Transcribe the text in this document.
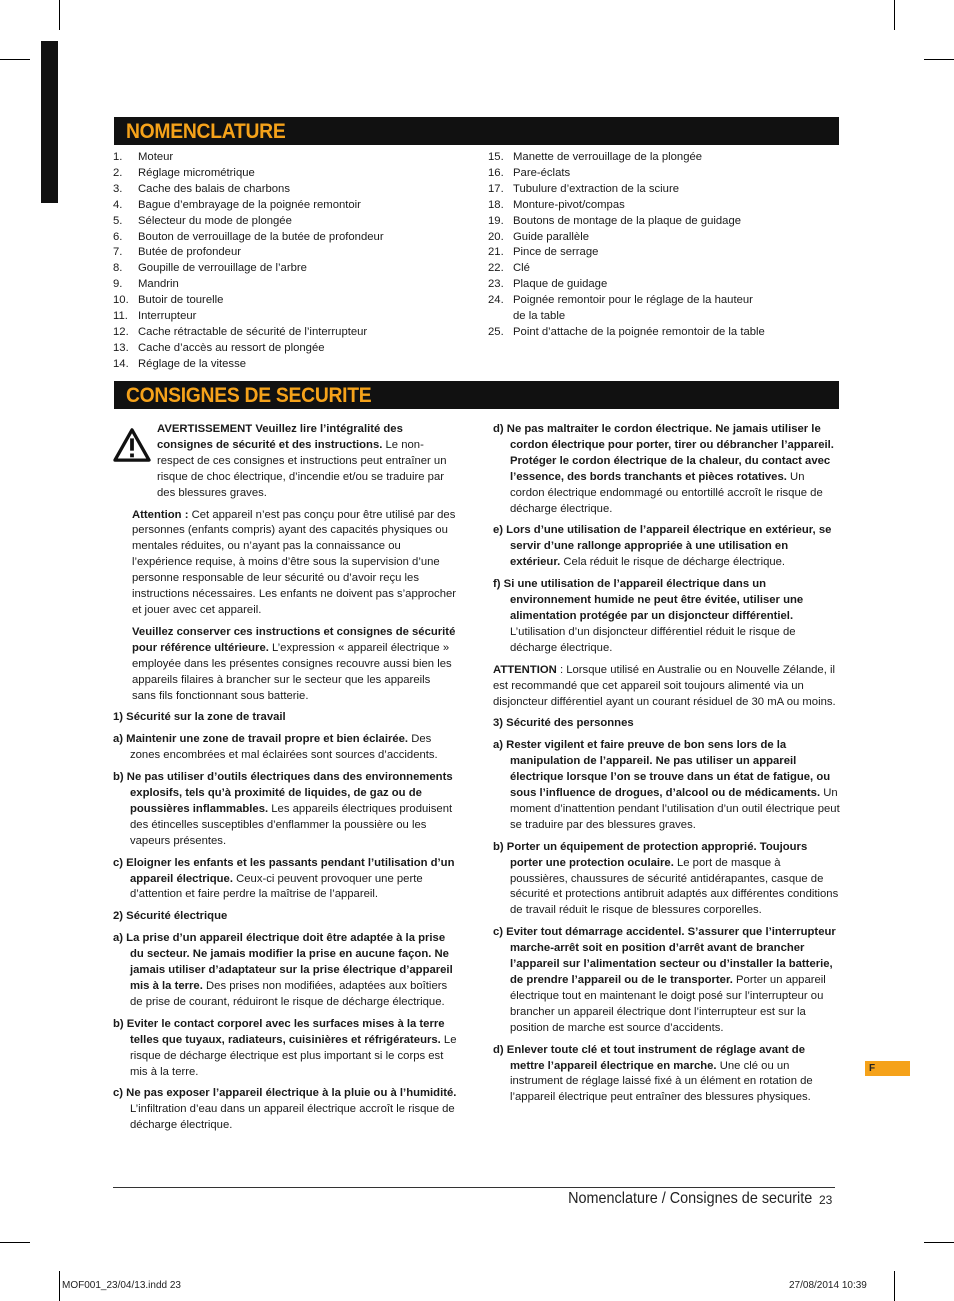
NOMENCLATURE
1. Moteur
2. Réglage micrométrique
3. Cache des balais de charbons
4. Bague d’embrayage de la poignée remontoir
5. Sélecteur du mode de plongée
6. Bouton de verrouillage de la butée de profondeur
7. Butée de profondeur
8. Goupille de verrouillage de l’arbre
9. Mandrin
10. Butoir de tourelle
11. Interrupteur
12. Cache rétractable de sécurité de l’interrupteur
13. Cache d’accès au ressort de plongée
14. Réglage de la vitesse
15. Manette de verrouillage de la plongée
16. Pare-éclats
17. Tubulure d’extraction de la sciure
18. Monture-pivot/compas
19. Boutons de montage de la plaque de guidage
20. Guide parallèle
21. Pince de serrage
22. Clé
23. Plaque de guidage
24. Poignée remontoir pour le réglage de la hauteur
de la table
25. Point d’attache de la poignée remontoir de la table
CONSIGNES DE SECURITE

AVERTISSEMENT Veuillez lire l’intégralité des consignes de sécurité et des instructions. Le non-respect de ces consignes et instructions peut entraîner un risque de choc électrique, d’incendie et/ou se traduire par des blessures graves.

Attention : Cet appareil n’est pas conçu pour être utilisé par des personnes (enfants compris) ayant des capacités physiques ou mentales réduites, ou n’ayant pas la connaissance ou l’expérience requise, à moins d’être sous la supervision d’une personne responsable de leur sécurité ou d’avoir reçu les instructions nécessaires. Les enfants ne doivent pas s’approcher et jouer avec cet appareil.

Veuillez conserver ces instructions et consignes de sécurité pour référence ultérieure. L’expression « appareil électrique » employée dans les présentes consignes recouvre aussi bien les appareils filaires à brancher sur le secteur que les appareils sans fils fonctionnant sous batterie.

1) Sécurité sur la zone de travail

a) Maintenir une zone de travail propre et bien éclairée. Des zones encombrées et mal éclairées sont sources d’accidents.

b) Ne pas utiliser d’outils électriques dans des environnements explosifs, tels qu’à proximité de liquides, de gaz ou de poussières inflammables. Les appareils électriques produisent des étincelles susceptibles d’enflammer la poussière ou les vapeurs présentes.

c) Eloigner les enfants et les passants pendant l’utilisation d’un appareil électrique. Ceux-ci peuvent provoquer une perte d’attention et faire perdre la maîtrise de l’appareil.

2) Sécurité électrique

a) La prise d’un appareil électrique doit être adaptée à la prise du secteur. Ne jamais modifier la prise en aucune façon. Ne jamais utiliser d’adaptateur sur la prise électrique d’appareil mis à la terre. Des prises non modifiées, adaptées aux boîtiers de prise de courant, réduiront le risque de décharge électrique.

b) Eviter le contact corporel avec les surfaces mises à la terre telles que tuyaux, radiateurs, cuisinières et réfrigérateurs. Le risque de décharge électrique est plus important si le corps est mis à la terre.

c) Ne pas exposer l’appareil électrique à la pluie ou à l’humidité. L’infiltration d’eau dans un appareil électrique accroît le risque de décharge électrique.

d) Ne pas maltraiter le cordon électrique. Ne jamais utiliser le cordon électrique pour porter, tirer ou débrancher l’appareil. Protéger le cordon électrique de la chaleur, du contact avec l’essence, des bords tranchants et pièces rotatives. Un cordon électrique endommagé ou entortillé accroît le risque de décharge électrique.

e) Lors d’une utilisation de l’appareil électrique en extérieur, se servir d’une rallonge appropriée à une utilisation en extérieur. Cela réduit le risque de décharge électrique.

f) Si une utilisation de l’appareil électrique dans un environnement humide ne peut être évitée, utiliser une alimentation protégée par un disjoncteur différentiel. L’utilisation d’un disjoncteur différentiel réduit le risque de décharge électrique.

ATTENTION : Lorsque utilisé en Australie ou en Nouvelle Zélande, il est recommandé que cet appareil soit toujours alimenté via un disjoncteur différentiel ayant un courant résiduel de 30 mA ou moins.

3) Sécurité des personnes

a) Rester vigilent et faire preuve de bon sens lors de la manipulation de l’appareil. Ne pas utiliser un appareil électrique lorsque l’on se trouve dans un état de fatigue, ou sous l’influence de drogues, d’alcool ou de médicaments. Un moment d’inattention pendant l’utilisation d’un outil électrique peut se traduire par des blessures graves.

b) Porter un équipement de protection approprié. Toujours porter une protection oculaire. Le port de masque à poussières, chaussures de sécurité antidérapantes, casque de sécurité et protections antibruit adaptés aux différentes conditions de travail réduit le risque de blessures corporelles.

c) Eviter tout démarrage accidentel. S’assurer que l’interrupteur marche-arrêt soit en position d’arrêt avant de brancher l’appareil sur l’alimentation secteur ou d’installer la batterie, de prendre l’appareil ou de le transporter. Porter un appareil électrique tout en maintenant le doigt posé sur l’interrupteur ou brancher un appareil électrique dont l’interrupteur est sur la position de marche est source d’accidents.

d) Enlever toute clé et tout instrument de réglage avant de mettre l’appareil électrique en marche. Une clé ou un instrument de réglage laissé fixé à un élément en rotation de l’appareil électrique peut entraîner des blessures physiques.

F
Nomenclature / Consignes de securite 23
MOF001_23/04/13.indd 23	27/08/2014 10:39
